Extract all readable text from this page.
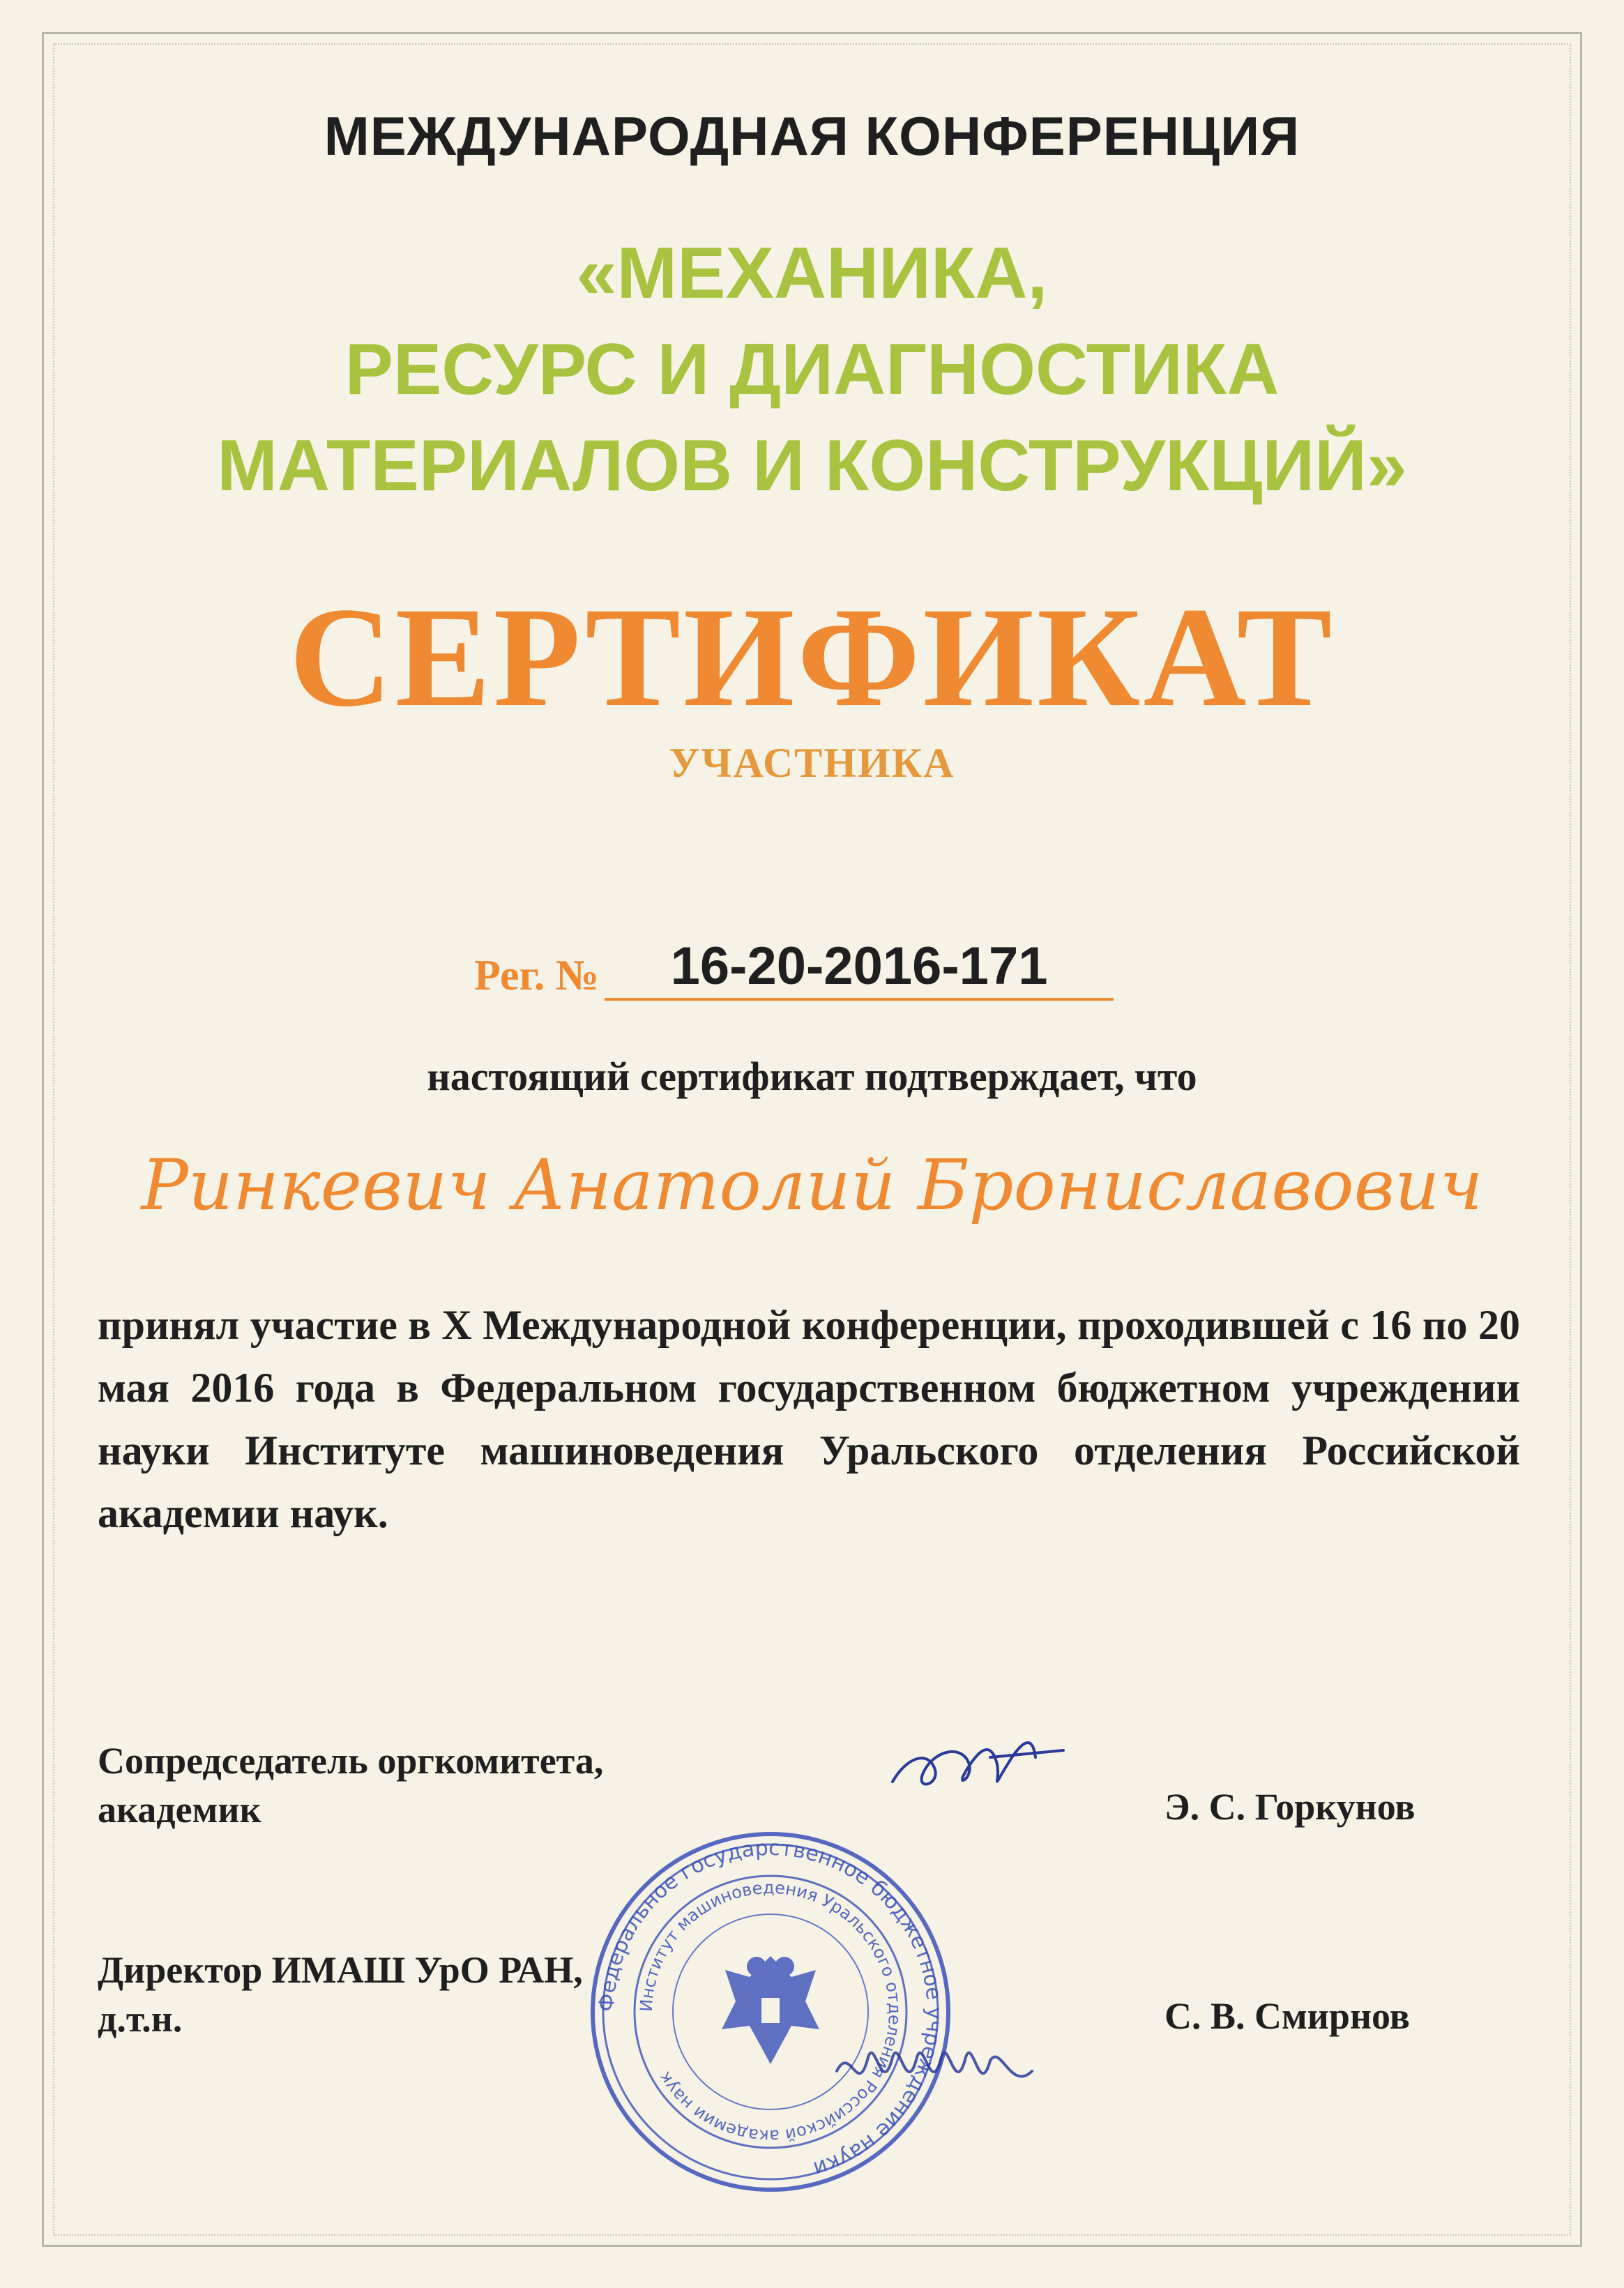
МЕЖДУНАРОДНАЯ КОНФЕРЕНЦИЯ
«МЕХАНИКА,
РЕСУРС И ДИАГНОСТИКА
МАТЕРИАЛОВ И КОНСТРУКЦИЙ»
СЕРТИФИКАТ
УЧАСТНИКА
Рег. №	16-20-2016-171
настоящий сертификат подтверждает, что
Ринкевич Анатолий Брониславович
принял участие в X Международной конференции, проходившей с 16 по 20 мая 2016 года в Федеральном государственном бюджетном учреждении науки Институте машиноведения Уральского отделения Российской академии наук.
Сопредседатель оргкомитета,
академик	Э. С. Горкунов
Директор ИМАШ УрО РАН,
д.т.н.	С. В. Смирнов
Федеральное государственное бюджетное учреждение науки
Институт машиноведения Уральского отделения Российской академии наук
